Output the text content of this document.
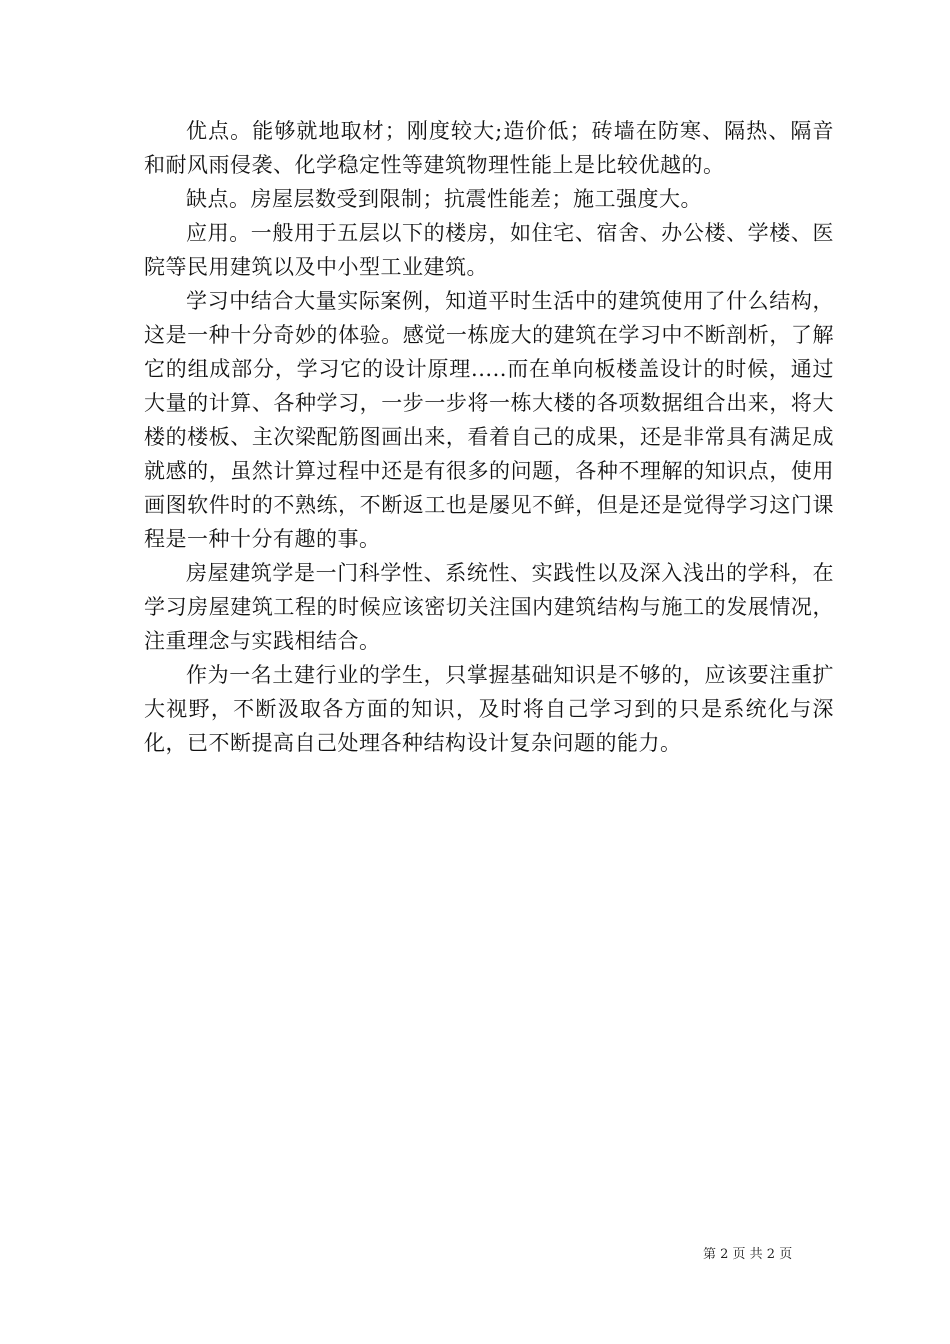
优点。能够就地取材；刚度较大;造价低；砖墙在防寒、隔热、隔音和耐风雨侵袭、化学稳定性等建筑物理性能上是比较优越的。

缺点。房屋层数受到限制；抗震性能差；施工强度大。

应用。一般用于五层以下的楼房，如住宅、宿舍、办公楼、学楼、医院等民用建筑以及中小型工业建筑。

学习中结合大量实际案例，知道平时生活中的建筑使用了什么结构，这是一种十分奇妙的体验。感觉一栋庞大的建筑在学习中不断剖析，了解它的组成部分，学习它的设计原理.....而在单向板楼盖设计的时候，通过大量的计算、各种学习，一步一步将一栋大楼的各项数据组合出来，将大楼的楼板、主次梁配筋图画出来，看着自己的成果，还是非常具有满足成就感的，虽然计算过程中还是有很多的问题，各种不理解的知识点，使用画图软件时的不熟练，不断返工也是屡见不鲜，但是还是觉得学习这门课程是一种十分有趣的事。

房屋建筑学是一门科学性、系统性、实践性以及深入浅出的学科，在学习房屋建筑工程的时候应该密切关注国内建筑结构与施工的发展情况，注重理念与实践相结合。

作为一名土建行业的学生，只掌握基础知识是不够的，应该要注重扩大视野，不断汲取各方面的知识，及时将自己学习到的只是系统化与深化，已不断提高自己处理各种结构设计复杂问题的能力。

第 2 页 共 2 页
